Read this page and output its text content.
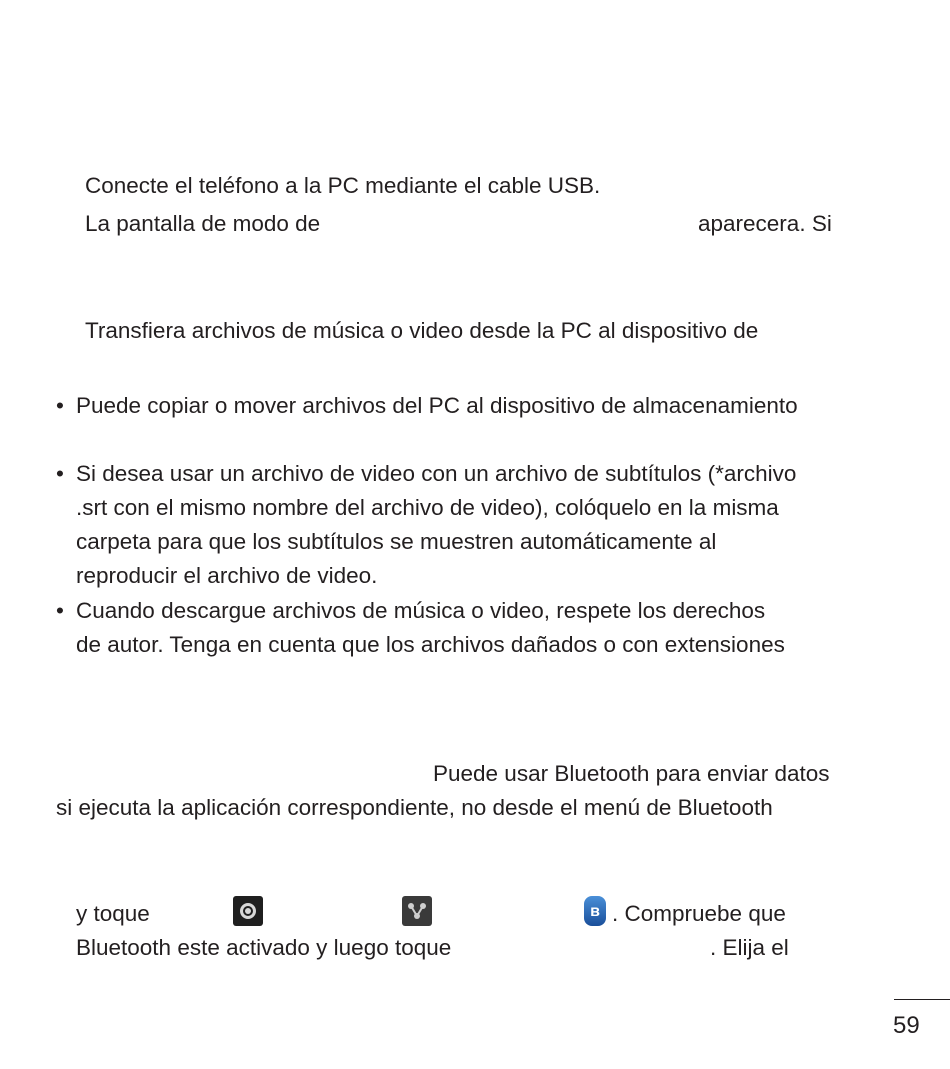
Conecte el teléfono a la PC mediante el cable USB.
La pantalla de modo de	aparecera. Si
Transfiera archivos de música o video desde la PC al dispositivo de
• Puede copiar o mover archivos del PC al dispositivo de almacenamiento
• Si desea usar un archivo de video con un archivo de subtítulos (*archivo
.srt con el mismo nombre del archivo de video), colóquelo en la misma
carpeta para que los subtítulos se muestren automáticamente al
reproducir el archivo de video.
• Cuando descargue archivos de música o video, respete los derechos
de autor. Tenga en cuenta que los archivos dañados o con extensiones
Puede usar Bluetooth para enviar datos
si ejecuta la aplicación correspondiente, no desde el menú de Bluetooth
y toque	ʙ . Compruebe que
Bluetooth este activado y luego toque	. Elija el
59
